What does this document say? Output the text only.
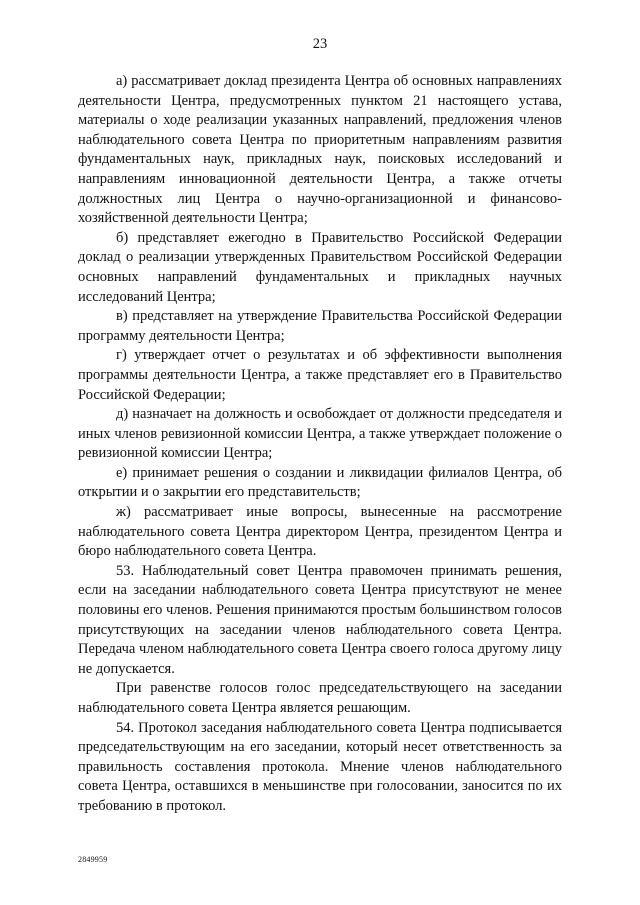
23

а) рассматривает доклад президента Центра об основных направлениях деятельности Центра, предусмотренных пунктом 21 настоящего устава, материалы о ходе реализации указанных направлений, предложения членов наблюдательного совета Центра по приоритетным направлениям развития фундаментальных наук, прикладных наук, поисковых исследований и направлениям инновационной деятельности Центра, а также отчеты должностных лиц Центра о научно-организационной и финансово-хозяйственной деятельности Центра;

б) представляет ежегодно в Правительство Российской Федерации доклад о реализации утвержденных Правительством Российской Федерации основных направлений фундаментальных и прикладных научных исследований Центра;

в) представляет на утверждение Правительства Российской Федерации программу деятельности Центра;

г) утверждает отчет о результатах и об эффективности выполнения программы деятельности Центра, а также представляет его в Правительство Российской Федерации;

д) назначает на должность и освобождает от должности председателя и иных членов ревизионной комиссии Центра, а также утверждает положение о ревизионной комиссии Центра;

е) принимает решения о создании и ликвидации филиалов Центра, об открытии и о закрытии его представительств;

ж) рассматривает иные вопросы, вынесенные на рассмотрение наблюдательного совета Центра директором Центра, президентом Центра и бюро наблюдательного совета Центра.

53. Наблюдательный совет Центра правомочен принимать решения, если на заседании наблюдательного совета Центра присутствуют не менее половины его членов. Решения принимаются простым большинством голосов присутствующих на заседании членов наблюдательного совета Центра. Передача членом наблюдательного совета Центра своего голоса другому лицу не допускается.

При равенстве голосов голос председательствующего на заседании наблюдательного совета Центра является решающим.

54. Протокол заседания наблюдательного совета Центра подписывается председательствующим на его заседании, который несет ответственность за правильность составления протокола. Мнение членов наблюдательного совета Центра, оставшихся в меньшинстве при голосовании, заносится по их требованию в протокол.

2849959
